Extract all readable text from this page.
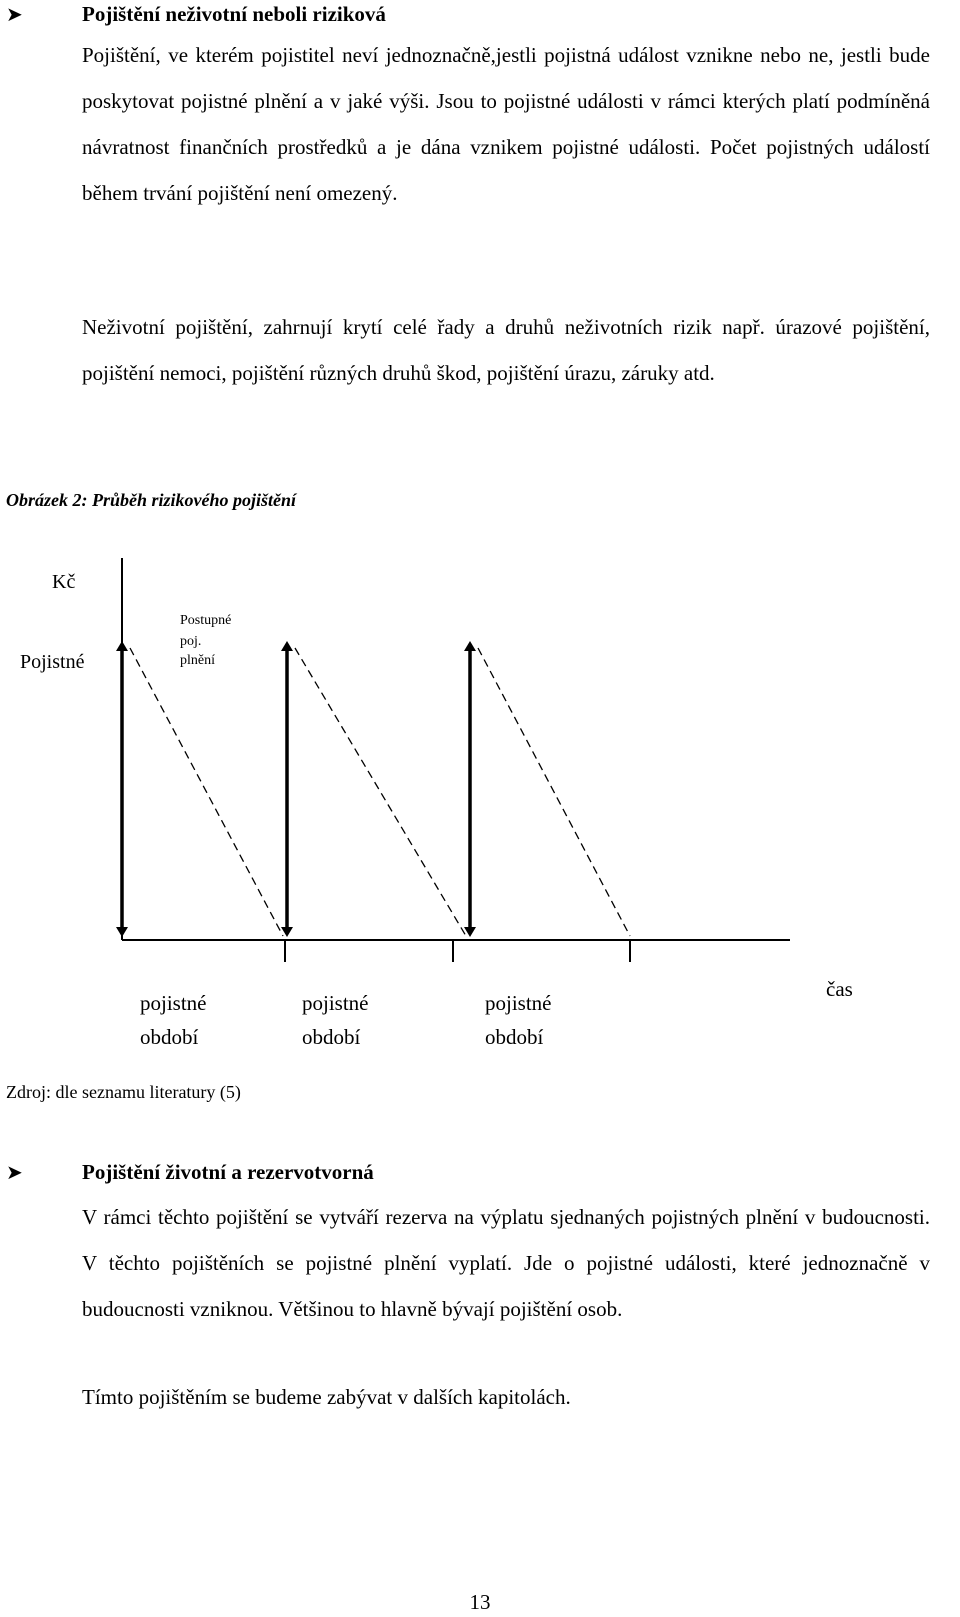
➤	Pojištění neživotní neboli riziková
Pojištění, ve kterém pojistitel neví jednoznačně,jestli pojistná událost vznikne nebo ne, jestli bude poskytovat pojistné plnění a v jaké výši. Jsou to pojistné události v rámci kterých platí podmíněná návratnost finančních prostředků a je dána vznikem pojistné události. Počet pojistných událostí během trvání pojištění není omezený.
Neživotní pojištění, zahrnují krytí celé řady a druhů neživotních rizik např. úrazové pojištění, pojištění nemoci, pojištění různých druhů škod, pojištění úrazu, záruky atd.
Obrázek 2: Průběh rizikového pojištění
Kč
Pojistné
Postupné
poj.
plnění
pojistné
období
pojistné
období
pojistné
období
čas
Zdroj: dle seznamu literatury (5)
➤	Pojištění životní a rezervotvorná
V rámci těchto pojištění se vytváří rezerva na výplatu sjednaných pojistných plnění v budoucnosti. V těchto pojištěních se pojistné plnění vyplatí. Jde o pojistné události, které jednoznačně v budoucnosti vzniknou. Většinou to hlavně bývají pojištění osob.
Tímto pojištěním se budeme zabývat v dalších kapitolách.
13
